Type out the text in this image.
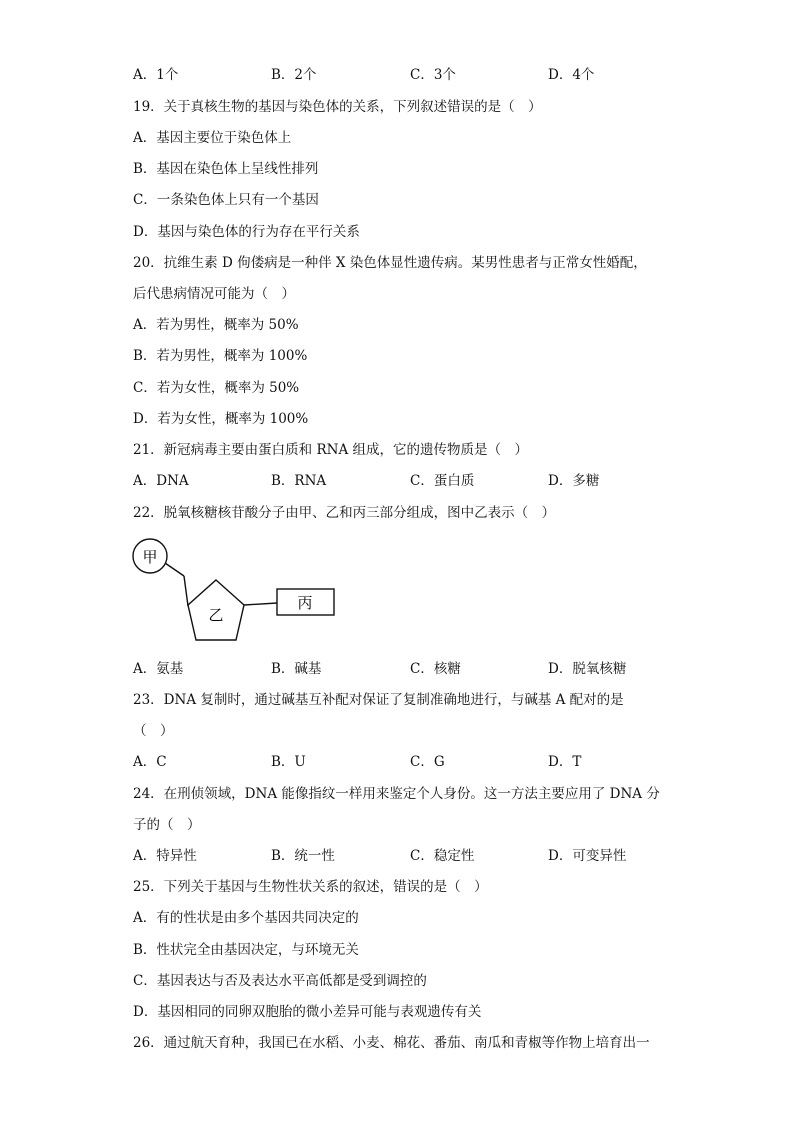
A．1个	B．2个	C．3个	D．4个
19．关于真核生物的基因与染色体的关系，下列叙述错误的是（　）
A．基因主要位于染色体上
B．基因在染色体上呈线性排列
C．一条染色体上只有一个基因
D．基因与染色体的行为存在平行关系
20．抗维生素 D 佝偻病是一种伴 X 染色体显性遗传病。某男性患者与正常女性婚配，
后代患病情况可能为（　）
A．若为男性，概率为 50%
B．若为男性，概率为 100%
C．若为女性，概率为 50%
D．若为女性，概率为 100%
21．新冠病毒主要由蛋白质和 RNA 组成，它的遗传物质是（　）
A．DNA	B．RNA	C．蛋白质	D．多糖
22．脱氧核糖核苷酸分子由甲、乙和丙三部分组成，图中乙表示（　）
甲
乙
丙
A．氨基	B．碱基	C．核糖	D．脱氧核糖
23．DNA 复制时，通过碱基互补配对保证了复制准确地进行，与碱基 A 配对的是
（　）
A．C	B．U	C．G	D．T
24．在刑侦领域，DNA 能像指纹一样用来鉴定个人身份。这一方法主要应用了 DNA 分
子的（　）
A．特异性	B．统一性	C．稳定性	D．可变异性
25．下列关于基因与生物性状关系的叙述，错误的是（　）
A．有的性状是由多个基因共同决定的
B．性状完全由基因决定，与环境无关
C．基因表达与否及表达水平高低都是受到调控的
D．基因相同的同卵双胞胎的微小差异可能与表观遗传有关
26．通过航天育种，我国已在水稻、小麦、棉花、番茄、南瓜和青椒等作物上培育出一
